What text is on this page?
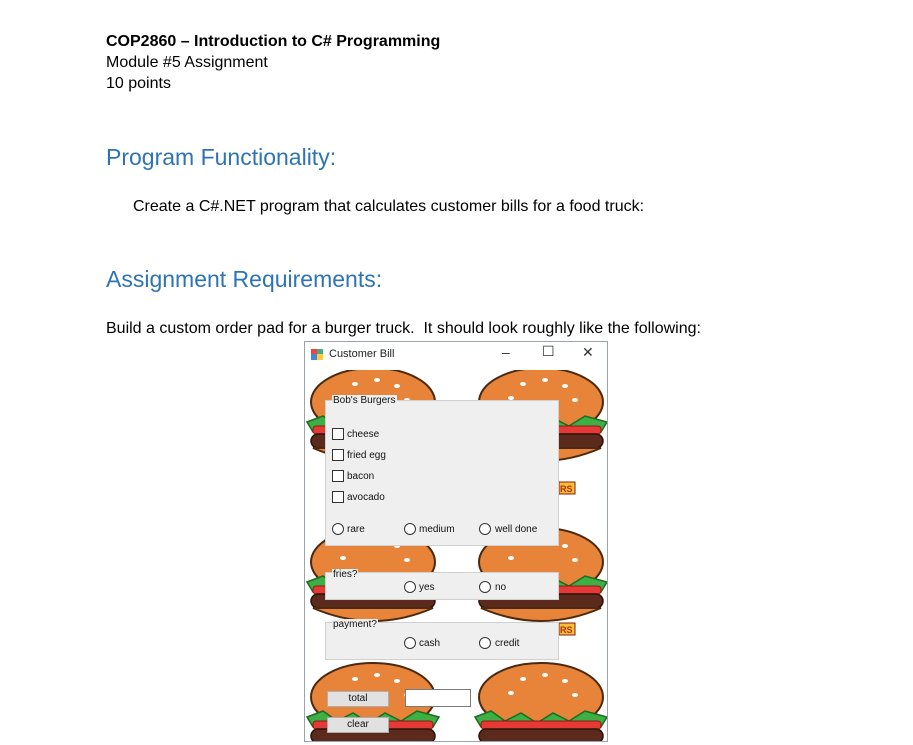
COP2860 – Introduction to C# Programming
Module #5 Assignment
10 points
Program Functionality:
Create a C#.NET program that calculates customer bills for a food truck:
Assignment Requirements:
Build a custom order pad for a burger truck.  It should look roughly like the following:
Customer Bill	– ☐ ✕
RS
RS
Bob's Burgers
cheese
fried egg
bacon
avocado
rare	medium	well done
fries?
yes	no
payment?
cash	credit
total
clear
